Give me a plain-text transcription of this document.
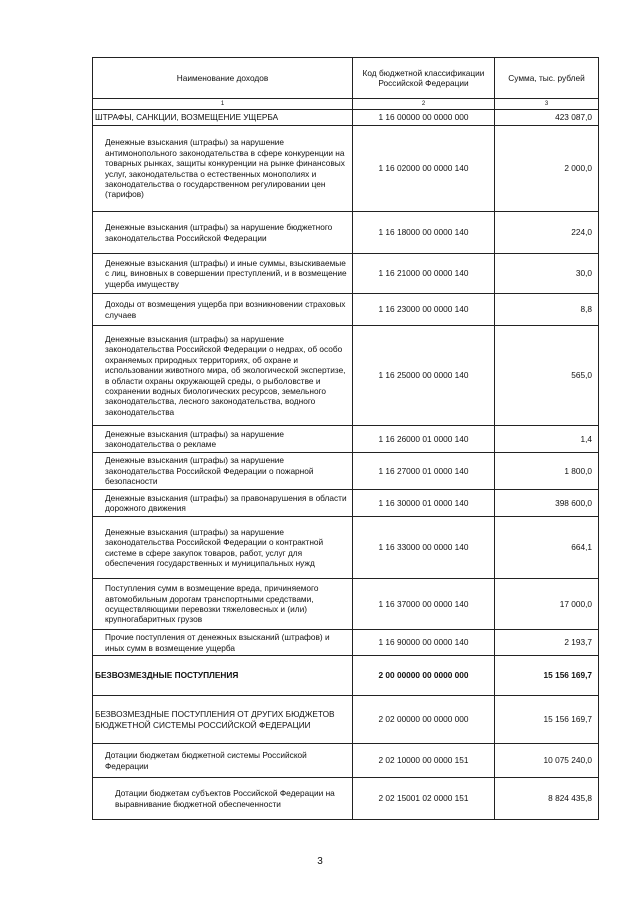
Наименование доходов	Код бюджетной классификации Российской Федерации	Сумма, тыс. рублей
1	2	3
ШТРАФЫ, САНКЦИИ, ВОЗМЕЩЕНИЕ УЩЕРБА	1 16 00000 00 0000 000	423 087,0
Денежные взыскания (штрафы) за нарушение антимонопольного законодательства в сфере конкуренции на товарных рынках, защиты конкуренции на рынке финансовых услуг, законодательства о естественных монополиях и законодательства о государственном регулировании цен (тарифов)	1 16 02000 00 0000 140	2 000,0
Денежные взыскания (штрафы) за нарушение бюджетного законодательства Российской Федерации	1 16 18000 00 0000 140	224,0
Денежные взыскания (штрафы) и иные суммы, взыскиваемые с лиц, виновных в совершении преступлений, и в возмещение ущерба имуществу	1 16 21000 00 0000 140	30,0
Доходы от возмещения ущерба при возникновении страховых случаев	1 16 23000 00 0000 140	8,8
Денежные взыскания (штрафы) за нарушение законодательства Российской Федерации о недрах, об особо охраняемых природных территориях, об охране и использовании животного мира, об экологической экспертизе, в области охраны окружающей среды, о рыболовстве и сохранении водных биологических ресурсов, земельного законодательства, лесного законодательства, водного законодательства	1 16 25000 00 0000 140	565,0
Денежные взыскания (штрафы) за нарушение законодательства о рекламе	1 16 26000 01 0000 140	1,4
Денежные взыскания (штрафы) за нарушение законодательства Российской Федерации о пожарной безопасности	1 16 27000 01 0000 140	1 800,0
Денежные взыскания (штрафы) за правонарушения в области дорожного движения	1 16 30000 01 0000 140	398 600,0
Денежные взыскания (штрафы) за нарушение законодательства Российской Федерации о контрактной системе в сфере закупок товаров, работ, услуг для обеспечения государственных и муниципальных нужд	1 16 33000 00 0000 140	664,1
Поступления сумм в возмещение вреда, причиняемого автомобильным дорогам транспортными средствами, осуществляющими перевозки тяжеловесных и (или) крупногабаритных грузов	1 16 37000 00 0000 140	17 000,0
Прочие поступления от денежных взысканий (штрафов) и иных сумм в возмещение ущерба	1 16 90000 00 0000 140	2 193,7
БЕЗВОЗМЕЗДНЫЕ ПОСТУПЛЕНИЯ	2 00 00000 00 0000 000	15 156 169,7
БЕЗВОЗМЕЗДНЫЕ ПОСТУПЛЕНИЯ ОТ ДРУГИХ БЮДЖЕТОВ БЮДЖЕТНОЙ СИСТЕМЫ РОССИЙСКОЙ ФЕДЕРАЦИИ	2 02 00000 00 0000 000	15 156 169,7
Дотации бюджетам бюджетной системы Российской Федерации	2 02 10000 00 0000 151	10 075 240,0
Дотации бюджетам субъектов Российской Федерации на выравнивание бюджетной обеспеченности	2 02 15001 02 0000 151	8 824 435,8
3
